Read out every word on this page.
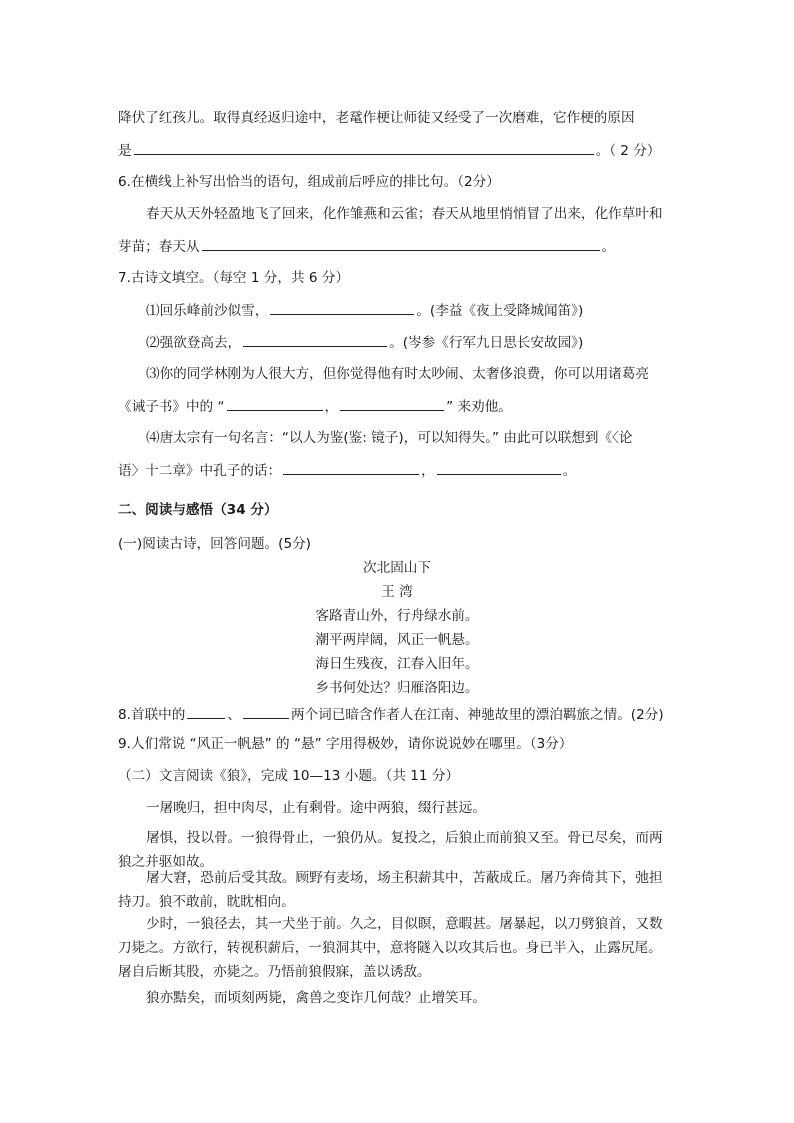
降伏了红孩儿。取得真经返归途中，老鼋作梗让师徒又经受了一次磨难，它作梗的原因
是	。（ 2 分）
6.在横线上补写出恰当的语句，组成前后呼应的排比句。（2分）
春天从天外轻盈地飞了回来，化作雏燕和云雀；春天从地里悄悄冒了出来，化作草叶和
芽苗；春天从	。
7.古诗文填空。（每空 1 分，共 6 分）
⑴回乐峰前沙似雪，	。(李益《夜上受降城闻笛》)
⑵强欲登高去，	。(岑参《行军九日思长安故园》)
⑶你的同学林刚为人很大方，但你觉得他有时太吵闹、太奢侈浪费，你可以用诸葛亮
《诫子书》中的 “	，	” 来劝他。
⑷唐太宗有一句名言：“以人为鉴(鉴: 镜子)，可以知得失。” 由此可以联想到《〈论
语〉十二章》中孔子的话：	，	。
二、阅读与感悟（34 分）
(一)阅读古诗，回答问题。(5分)
次北固山下
王 湾
客路青山外，行舟绿水前。
潮平两岸阔，风正一帆悬。
海日生残夜，江春入旧年。
乡书何处达？归雁洛阳边。
8.首联中的	、	两个词已暗含作者人在江南、神驰故里的漂泊羁旅之情。(2分)
9.人们常说 “风正一帆悬” 的 “悬” 字用得极妙，请你说说妙在哪里。（3分）
（二）文言阅读《狼》，完成 10—13 小题。（共 11 分）
一屠晚归，担中肉尽，止有剩骨。途中两狼，缀行甚远。
屠惧，投以骨。一狼得骨止，一狼仍从。复投之，后狼止而前狼又至。骨已尽矣，而两
狼之并驱如故。
屠大窘，恐前后受其敌。顾野有麦场，场主积薪其中，苫蔽成丘。屠乃奔倚其下，弛担
持刀。狼不敢前，眈眈相向。
少时，一狼径去，其一犬坐于前。久之，目似瞑，意暇甚。屠暴起，以刀劈狼首，又数
刀毙之。方欲行，转视积薪后，一狼洞其中，意将隧入以攻其后也。身已半入，止露尻尾。
屠自后断其股，亦毙之。乃悟前狼假寐，盖以诱敌。
狼亦黠矣，而顷刻两毙，禽兽之变诈几何哉？止增笑耳。
